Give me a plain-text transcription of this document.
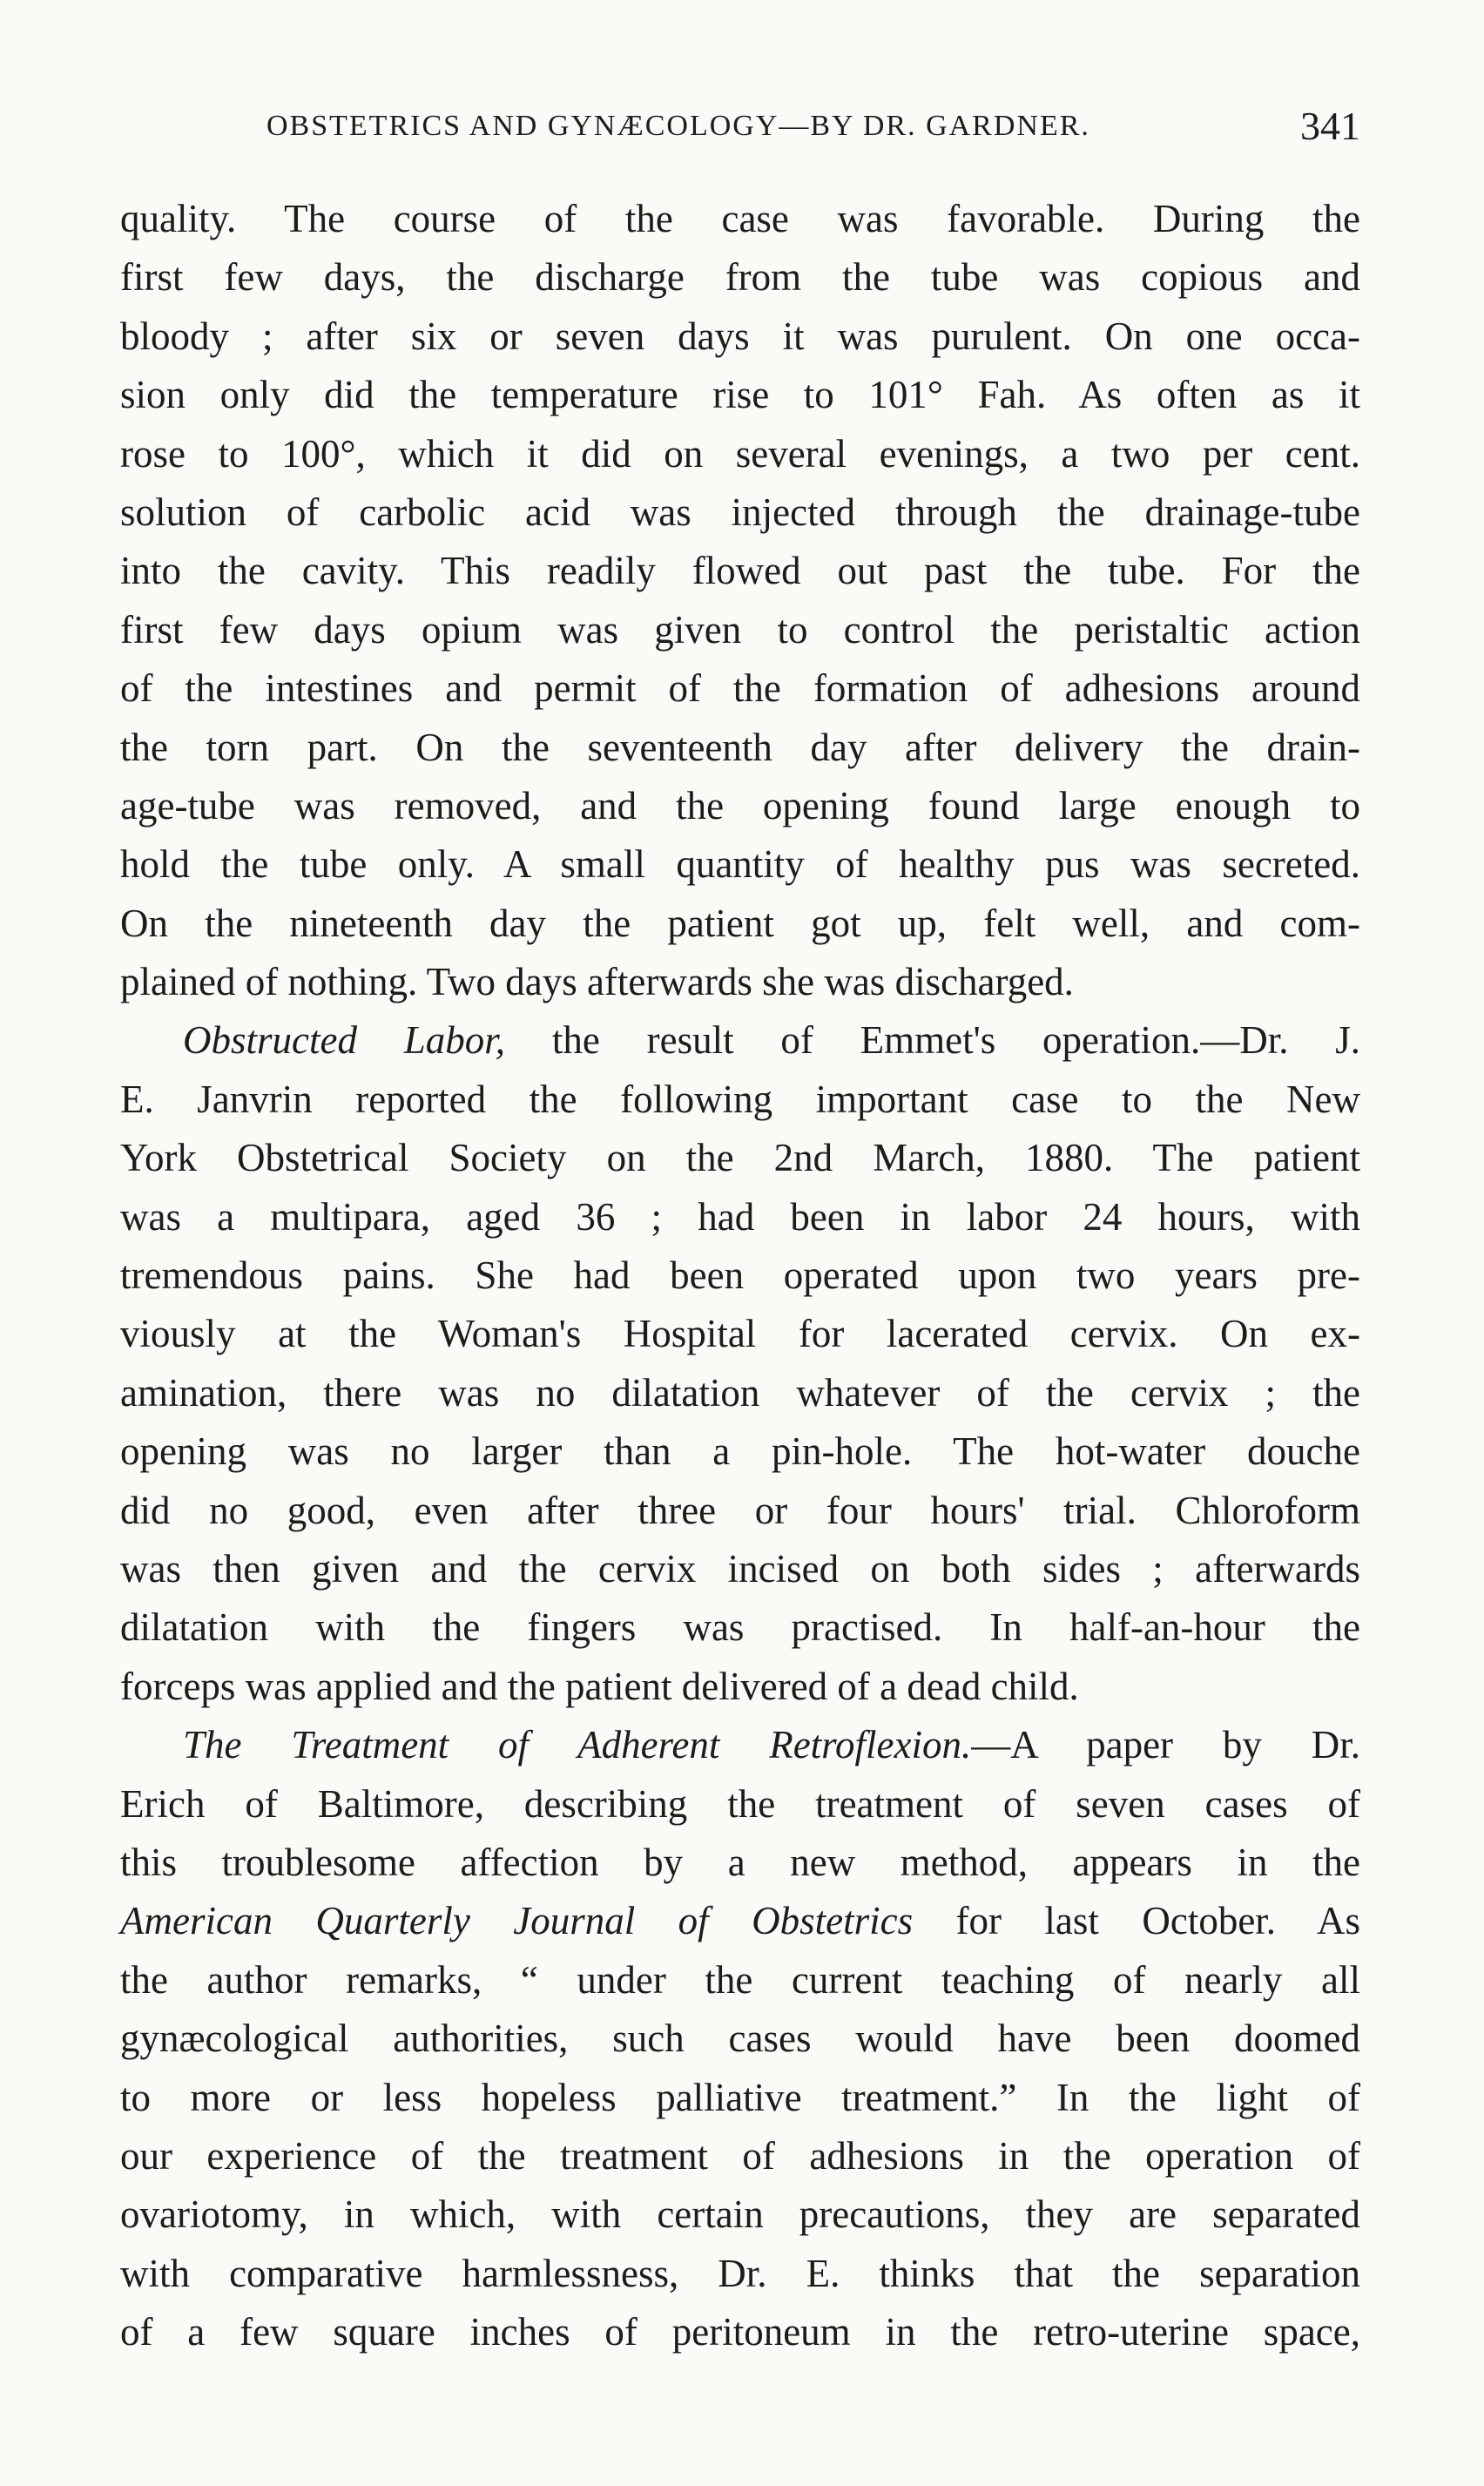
OBSTETRICS AND GYNÆCOLOGY—BY DR. GARDNER.	341
quality. The course of the case was favorable. During the
first few days, the discharge from the tube was copious and
bloody ; after six or seven days it was purulent. On one occa-
sion only did the temperature rise to 101° Fah. As often as it
rose to 100°, which it did on several evenings, a two per cent.
solution of carbolic acid was injected through the drainage-tube
into the cavity. This readily flowed out past the tube. For the
first few days opium was given to control the peristaltic action
of the intestines and permit of the formation of adhesions around
the torn part. On the seventeenth day after delivery the drain-
age-tube was removed, and the opening found large enough to
hold the tube only. A small quantity of healthy pus was secreted.
On the nineteenth day the patient got up, felt well, and com-
plained of nothing. Two days afterwards she was discharged.
Obstructed Labor, the result of Emmet's operation.—Dr. J.
E. Janvrin reported the following important case to the New
York Obstetrical Society on the 2nd March, 1880. The patient
was a multipara, aged 36 ; had been in labor 24 hours, with
tremendous pains. She had been operated upon two years pre-
viously at the Woman's Hospital for lacerated cervix. On ex-
amination, there was no dilatation whatever of the cervix ; the
opening was no larger than a pin-hole. The hot-water douche
did no good, even after three or four hours' trial. Chloroform
was then given and the cervix incised on both sides ; afterwards
dilatation with the fingers was practised. In half-an-hour the
forceps was applied and the patient delivered of a dead child.
The Treatment of Adherent Retroflexion.—A paper by Dr.
Erich of Baltimore, describing the treatment of seven cases of
this troublesome affection by a new method, appears in the
American Quarterly Journal of Obstetrics for last October. As
the author remarks, “ under the current teaching of nearly all
gynæcological authorities, such cases would have been doomed
to more or less hopeless palliative treatment.” In the light of
our experience of the treatment of adhesions in the operation of
ovariotomy, in which, with certain precautions, they are separated
with comparative harmlessness, Dr. E. thinks that the separation
of a few square inches of peritoneum in the retro-uterine space,
